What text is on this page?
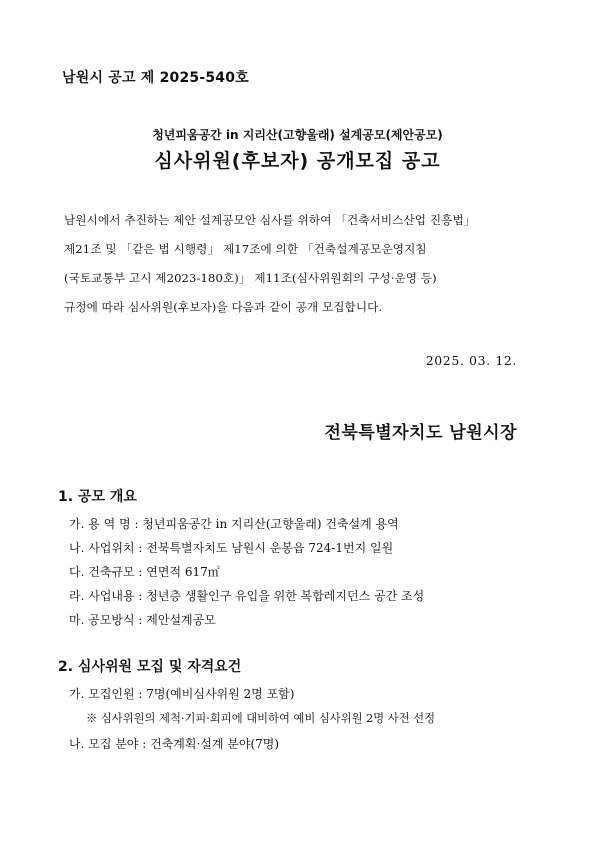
남원시 공고 제 2025-540호
청년피움공간 in 지리산(고향울래) 설계공모(제안공모)
심사위원(후보자) 공개모집 공고
남원시에서 추진하는 제안 설계공모안 심사를 위하여 「건축서비스산업 진흥법」
제21조 및 「같은 법 시행령」 제17조에 의한 「건축설계공모운영지침
(국토교통부 고시 제2023-180호)」 제11조(심사위원회의 구성·운영 등)
규정에 따라 심사위원(후보자)을 다음과 같이 공개 모집합니다.
2025. 03. 12.
전북특별자치도 남원시장
1. 공모 개요
가. 용 역 명 : 청년피움공간 in 지리산(고향울래) 건축설계 용역
나. 사업위치 : 전북특별자치도 남원시 운봉읍 724-1번지 일원
다. 건축규모 : 연면적 617㎡
라. 사업내용 : 청년층 생활인구 유입을 위한 복합레지던스 공간 조성
마. 공모방식 : 제안설계공모
2. 심사위원 모집 및 자격요건
가. 모집인원 : 7명(예비심사위원 2명 포함)
※ 심사위원의 제척·기피·회피에 대비하여 예비 심사위원 2명 사전 선정
나. 모집 분야 : 건축계획·설계 분야(7명)
